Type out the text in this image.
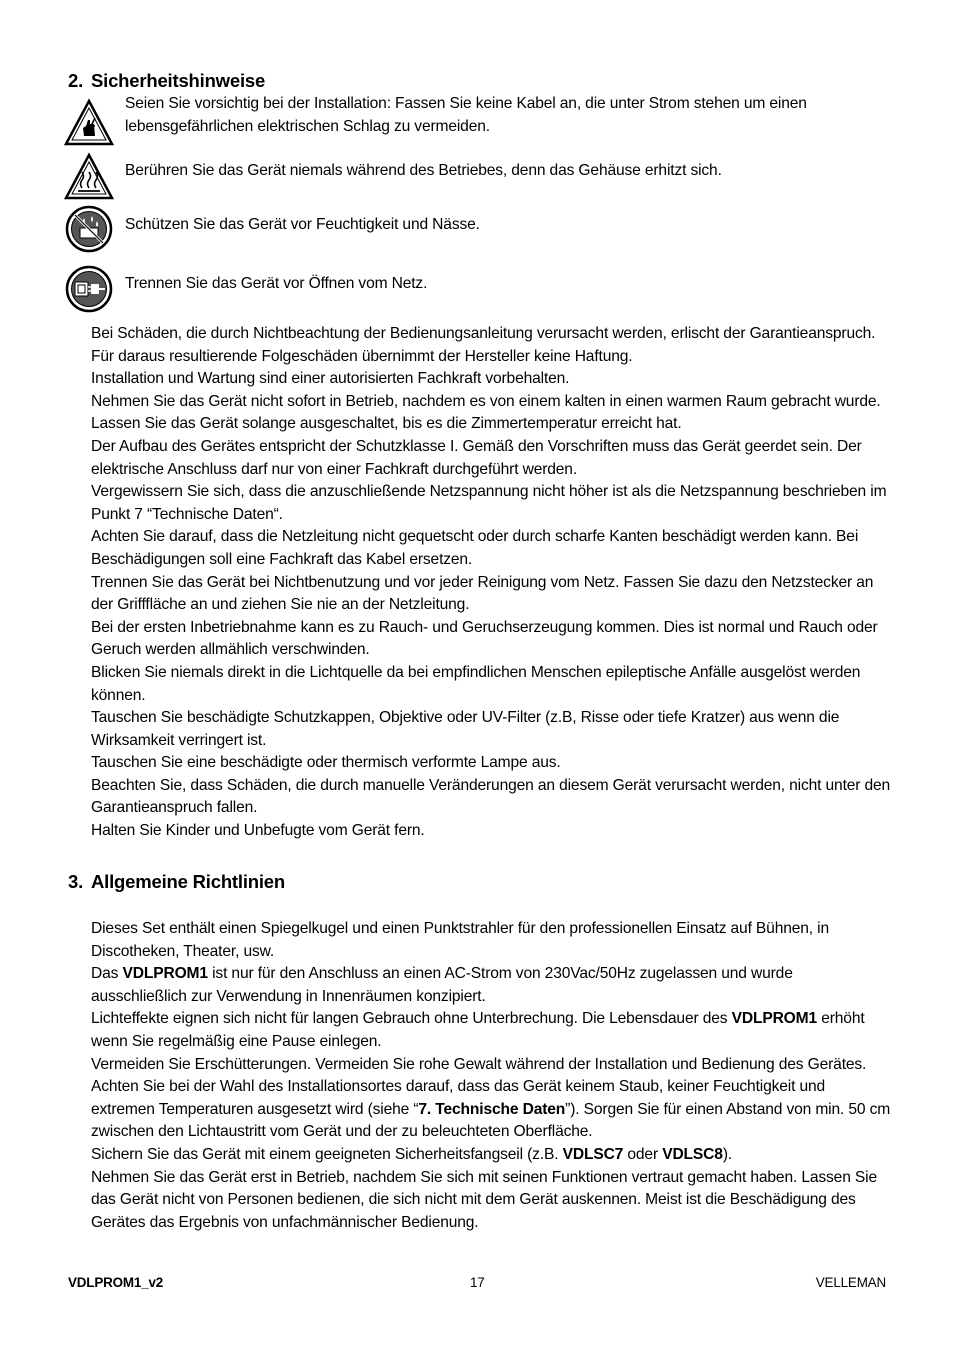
2. Sicherheitshinweise
Seien Sie vorsichtig bei der Installation: Fassen Sie keine Kabel an, die unter Strom stehen um einen lebensgefährlichen elektrischen Schlag zu vermeiden.
Berühren Sie das Gerät niemals während des Betriebes, denn das Gehäuse erhitzt sich.
Schützen Sie das Gerät vor Feuchtigkeit und Nässe.
Trennen Sie das Gerät vor Öffnen vom Netz.

Bei Schäden, die durch Nichtbeachtung der Bedienungsanleitung verursacht werden, erlischt der Garantieanspruch. Für daraus resultierende Folgeschäden übernimmt der Hersteller keine Haftung.

Installation und Wartung sind einer autorisierten Fachkraft vorbehalten.

Nehmen Sie das Gerät nicht sofort in Betrieb, nachdem es von einem kalten in einen warmen Raum gebracht wurde. Lassen Sie das Gerät solange ausgeschaltet, bis es die Zimmertemperatur erreicht hat.

Der Aufbau des Gerätes entspricht der Schutzklasse I. Gemäß den Vorschriften muss das Gerät geerdet sein. Der elektrische Anschluss darf nur von einer Fachkraft durchgeführt werden.

Vergewissern Sie sich, dass die anzuschließende Netzspannung nicht höher ist als die Netzspannung beschrieben im Punkt 7 “Technische Daten“.

Achten Sie darauf, dass die Netzleitung nicht gequetscht oder durch scharfe Kanten beschädigt werden kann. Bei Beschädigungen soll eine Fachkraft das Kabel ersetzen.

Trennen Sie das Gerät bei Nichtbenutzung und vor jeder Reinigung vom Netz. Fassen Sie dazu den Netzstecker an der Grifffläche an und ziehen Sie nie an der Netzleitung.

Bei der ersten Inbetriebnahme kann es zu Rauch- und Geruchserzeugung kommen. Dies ist normal und Rauch oder Geruch werden allmählich verschwinden.

Blicken Sie niemals direkt in die Lichtquelle da bei empfindlichen Menschen epileptische Anfälle ausgelöst werden können.

Tauschen Sie beschädigte Schutzkappen, Objektive oder UV-Filter (z.B, Risse oder tiefe Kratzer) aus wenn die Wirksamkeit verringert ist.

Tauschen Sie eine beschädigte oder thermisch verformte Lampe aus.

Beachten Sie, dass Schäden, die durch manuelle Veränderungen an diesem Gerät verursacht werden, nicht unter den Garantieanspruch fallen.

Halten Sie Kinder und Unbefugte vom Gerät fern.

3. Allgemeine Richtlinien

Dieses Set enthält einen Spiegelkugel und einen Punktstrahler für den professionellen Einsatz auf Bühnen, in Discotheken, Theater, usw.

Das VDLPROM1 ist nur für den Anschluss an einen AC-Strom von 230Vac/50Hz zugelassen und wurde ausschließlich zur Verwendung in Innenräumen konzipiert.

Lichteffekte eignen sich nicht für langen Gebrauch ohne Unterbrechung. Die Lebensdauer des VDLPROM1 erhöht wenn Sie regelmäßig eine Pause einlegen.

Vermeiden Sie Erschütterungen. Vermeiden Sie rohe Gewalt während der Installation und Bedienung des Gerätes.

Achten Sie bei der Wahl des Installationsortes darauf, dass das Gerät keinem Staub, keiner Feuchtigkeit und extremen Temperaturen ausgesetzt wird (siehe “7. Technische Daten”). Sorgen Sie für einen Abstand von min. 50 cm zwischen den Lichtaustritt vom Gerät und der zu beleuchteten Oberfläche.

Sichern Sie das Gerät mit einem geeigneten Sicherheitsfangseil (z.B. VDLSC7 oder VDLSC8).

Nehmen Sie das Gerät erst in Betrieb, nachdem Sie sich mit seinen Funktionen vertraut gemacht haben. Lassen Sie das Gerät nicht von Personen bedienen, die sich nicht mit dem Gerät auskennen. Meist ist die Beschädigung des Gerätes das Ergebnis von unfachmännischer Bedienung.

VDLPROM1_v2	17	VELLEMAN
